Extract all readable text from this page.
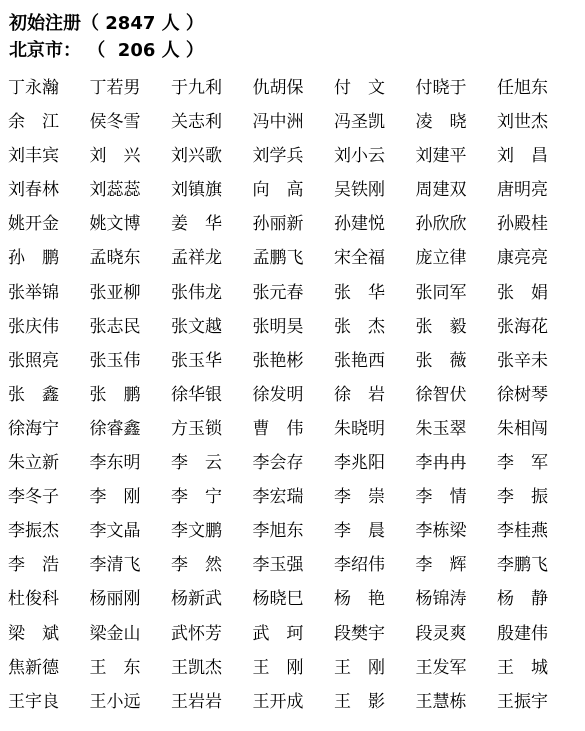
初始注册（ 2847 人 ）
北京市： （  206 人 ）
丁永瀚	丁若男	于九利	仇胡保	付　文	付晓于	任旭东
余　江	侯冬雪	关志利	冯中洲	冯圣凯	凌　晓	刘世杰
刘丰宾	刘　兴	刘兴歌	刘学兵	刘小云	刘建平	刘　昌
刘春林	刘蕊蕊	刘镇旗	向　高	吴铁刚	周建双	唐明亮
姚开金	姚文博	姜　华	孙丽新	孙建悦	孙欣欣	孙殿桂
孙　鹏	孟晓东	孟祥龙	孟鹏飞	宋全福	庞立律	康亮亮
张举锦	张亚柳	张伟龙	张元春	张　华	张同军	张　娟
张庆伟	张志民	张文越	张明昊	张　杰	张　毅	张海花
张照亮	张玉伟	张玉华	张艳彬	张艳西	张　薇	张辛未
张　鑫	张　鹏	徐华银	徐发明	徐　岩	徐智伏	徐树琴
徐海宁	徐睿鑫	方玉锁	曹　伟	朱晓明	朱玉翠	朱相闯
朱立新	李东明	李　云	李会存	李兆阳	李冉冉	李　军
李冬子	李　刚	李　宁	李宏瑞	李　崇	李　情	李　振
李振杰	李文晶	李文鹏	李旭东	李　晨	李栋梁	李桂燕
李　浩	李清飞	李　然	李玉强	李绍伟	李　辉	李鹏飞
杜俊科	杨丽刚	杨新武	杨晓巳	杨　艳	杨锦涛	杨　静
梁　斌	梁金山	武怀芳	武　珂	段樊宇	段灵爽	殷建伟
焦新德	王　东	王凯杰	王　刚	王　刚	王发军	王　城
王宇良	王小远	王岩岩	王开成	王　影	王慧栋	王振宇
